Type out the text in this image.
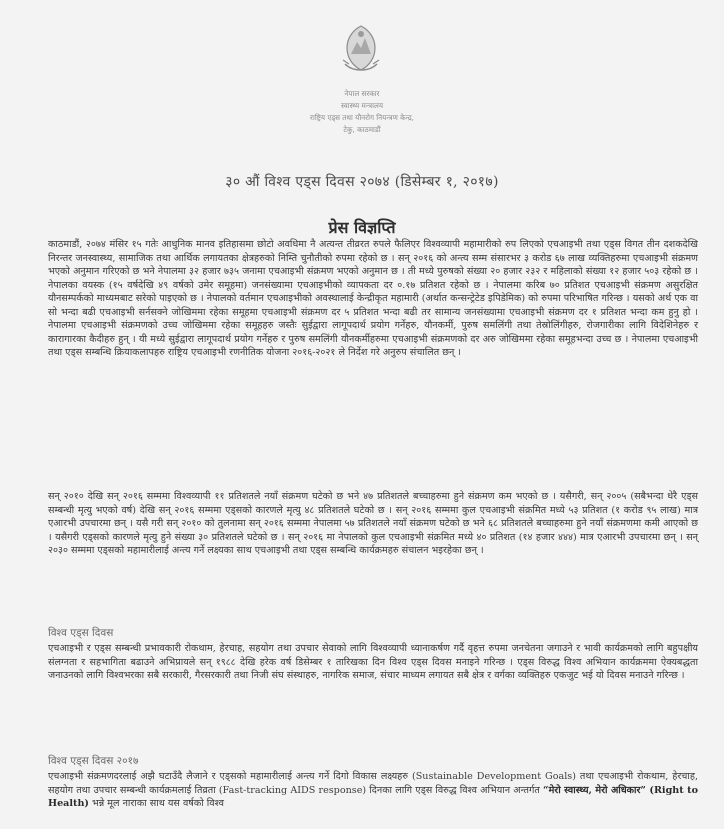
नेपाल सरकार
स्वास्थ्य मन्त्रालय
राष्ट्रिय एड्स तथा यौनरोग नियन्त्रण केन्द्र,
टेकु, काठमाडौं
३० औं विश्व एड्स दिवस २०७४ (डिसेम्बर १, २०१७)
प्रेस विज्ञप्ति

काठमाडौं, २०७४ मंसिर १५ गतेः आधुनिक मानव इतिहासमा छोटो अवधिमा नै अत्यन्त तीव्ररत रुपले फैलिएर विश्वव्यापी महामारीको रुप लिएको एचआइभी तथा एड्स विगत तीन दशकदेखि निरन्तर जनस्वास्थ्य, सामाजिक तथा आर्थिक लगायतका क्षेत्रहरुको निम्ति चुनौतीको रुपमा रहेको छ । सन् २०१६ को अन्त्य सम्म संसारभर ३ करोड ६७ लाख व्यक्तिहरुमा एचआइभी संक्रमण भएको अनुमान गरिएको छ भने नेपालमा ३२ हजार ७३५ जनामा एचआइभी संक्रमण भएको अनुमान छ । ती मध्ये पुरुषको संख्या २० हजार २३२ र महिलाको संख्या १२ हजार ५०३ रहेको छ । नेपालका वयस्क (१५ वर्षदेखि ४९ वर्षको उमेर समूहमा) जनसंख्यामा एचआइभीको व्यापकता दर ०.१७ प्रतिशत रहेको छ । नेपालमा करिब ७० प्रतिशत एचआइभी संक्रमण असुरक्षित यौनसम्पर्कको माध्यमबाट सरेको पाइएको छ । नेपालको वर्तमान एचआइभीको अवस्थालाई केन्द्रीकृत महामारी (अर्थात कन्सन्ट्रेटेड इपिडेमिक) को रुपमा परिभाषित गरिन्छ । यसको अर्थ एक वा सो भन्दा बढी एचआइभी सर्नसक्ने जोखिममा रहेका समूहमा एचआइभी संक्रमण दर ५ प्रतिशत भन्दा बढी तर सामान्य जनसंख्यामा एचआइभी संक्रमण दर १ प्रतिशत भन्दा कम हुनु हो । नेपालमा एचआइभी संक्रमणको उच्च जोखिममा रहेका समूहहरु जस्तैः सुईद्वारा लागूपदार्थ प्रयोग गर्नेहरु, यौनकर्मी, पुरुष समलिंगी तथा तेस्रोलिंगीहरु, रोजगारीका लागि विदेशिनेहरु र कारागारका कैदीहरु हुन् । यी मध्ये सुईद्वारा लागूपदार्थ प्रयोग गर्नेहरु र पुरुष समलिंगी यौनकर्मीहरुमा एचआइभी संक्रमणको दर अरु जोखिममा रहेका समूहभन्दा उच्च छ । नेपालमा एचआइभी तथा एड्स सम्बन्धि क्रियाकलापहरु राष्ट्रिय एचआइभी रणनीतिक योजना २०१६-२०२१ ले निर्देश गरे अनुरुप संचालित छन् ।

सन् २०१० देखि सन् २०१६ सम्ममा विश्वव्यापी ११ प्रतिशतले नयाँ संक्रमण घटेको छ भने ४७ प्रतिशतले बच्चाहरुमा हुने संक्रमण कम भएको छ । यसैगरी, सन् २००५ (सबैभन्दा धेरै एड्स सम्बन्धी मृत्यु भएको वर्ष) देखि सन् २०१६ सम्ममा एड्सको कारणले मृत्यु ४८ प्रतिशतले घटेको छ । सन् २०१६ सम्ममा कुल एचआइभी संक्रमित मध्ये ५३ प्रतिशत (१ करोड ९५ लाख) मात्र एआरभी उपचारमा छन् । यसै गरी सन् २०१० को तुलनामा सन् २०१६ सम्ममा नेपालमा ५७ प्रतिशतले नयाँ संक्रमण घटेको छ भने ६८ प्रतिशतले बच्चाहरुमा हुने नयाँ संक्रमणमा कमी आएको छ । यसैगरी एड्सको कारणले मृत्यु हुने संख्या ३० प्रतिशतले घटेको छ । सन् २०१६ मा नेपालको कुल एचआइभी संक्रमित मध्ये ४० प्रतिशत (१४ हजार ४४४) मात्र एआरभी उपचारमा छन् । सन् २०३० सम्ममा एड्सको महामारीलाई अन्त्य गर्ने लक्ष्यका साथ एचआइभी तथा एड्स सम्बन्धि कार्यक्रमहरु संचालन भइरहेका छन् ।

विश्व एड्स दिवस

एचआइभी र एड्स सम्बन्धी प्रभावकारी रोकथाम, हेरचाह, सहयोग तथा उपचार सेवाको लागि विश्वव्यापी ध्यानाकर्षण गर्दै वृहत्त रुपमा जनचेतना जगाउने र भावी कार्यक्रमको लागि बहुपक्षीय संलग्नता र सहभागिता बढाउने अभिप्रायले सन् १९८८ देखि हरेक वर्ष डिसेम्बर १ तारिखका दिन विश्व एड्स दिवस मनाइने गरिन्छ । एड्स विरुद्ध विश्व अभियान कार्यक्रममा ऐक्यबद्धता जनाउनको लागि विश्वभरका सबै सरकारी, गैरसरकारी तथा निजी संघ संस्थाहरु, नागरिक समाज, संचार माध्यम लगायत सबै क्षेत्र र वर्गका व्यक्तिहरु एकजुट भई यो दिवस मनाउने गरिन्छ ।

विश्व एड्स दिवस २०१७

एचआइभी संक्रमणदरलाई अझै घटाउँदै लैजाने र एड्सको महामारीलाई अन्त्य गर्ने दिगो विकास लक्ष्यहरु (Sustainable Development Goals) तथा एचआइभी रोकथाम, हेरचाह, सहयोग तथा उपचार सम्बन्धी कार्यक्रमलाई तिव्रता (Fast-tracking AIDS response) दिनका लागि एड्स विरुद्ध विश्व अभियान अन्तर्गत “मेरो स्वास्थ्य, मेरो अधिकार” (Right to Health) भन्ने मूल नाराका साथ यस वर्षको विश्व
